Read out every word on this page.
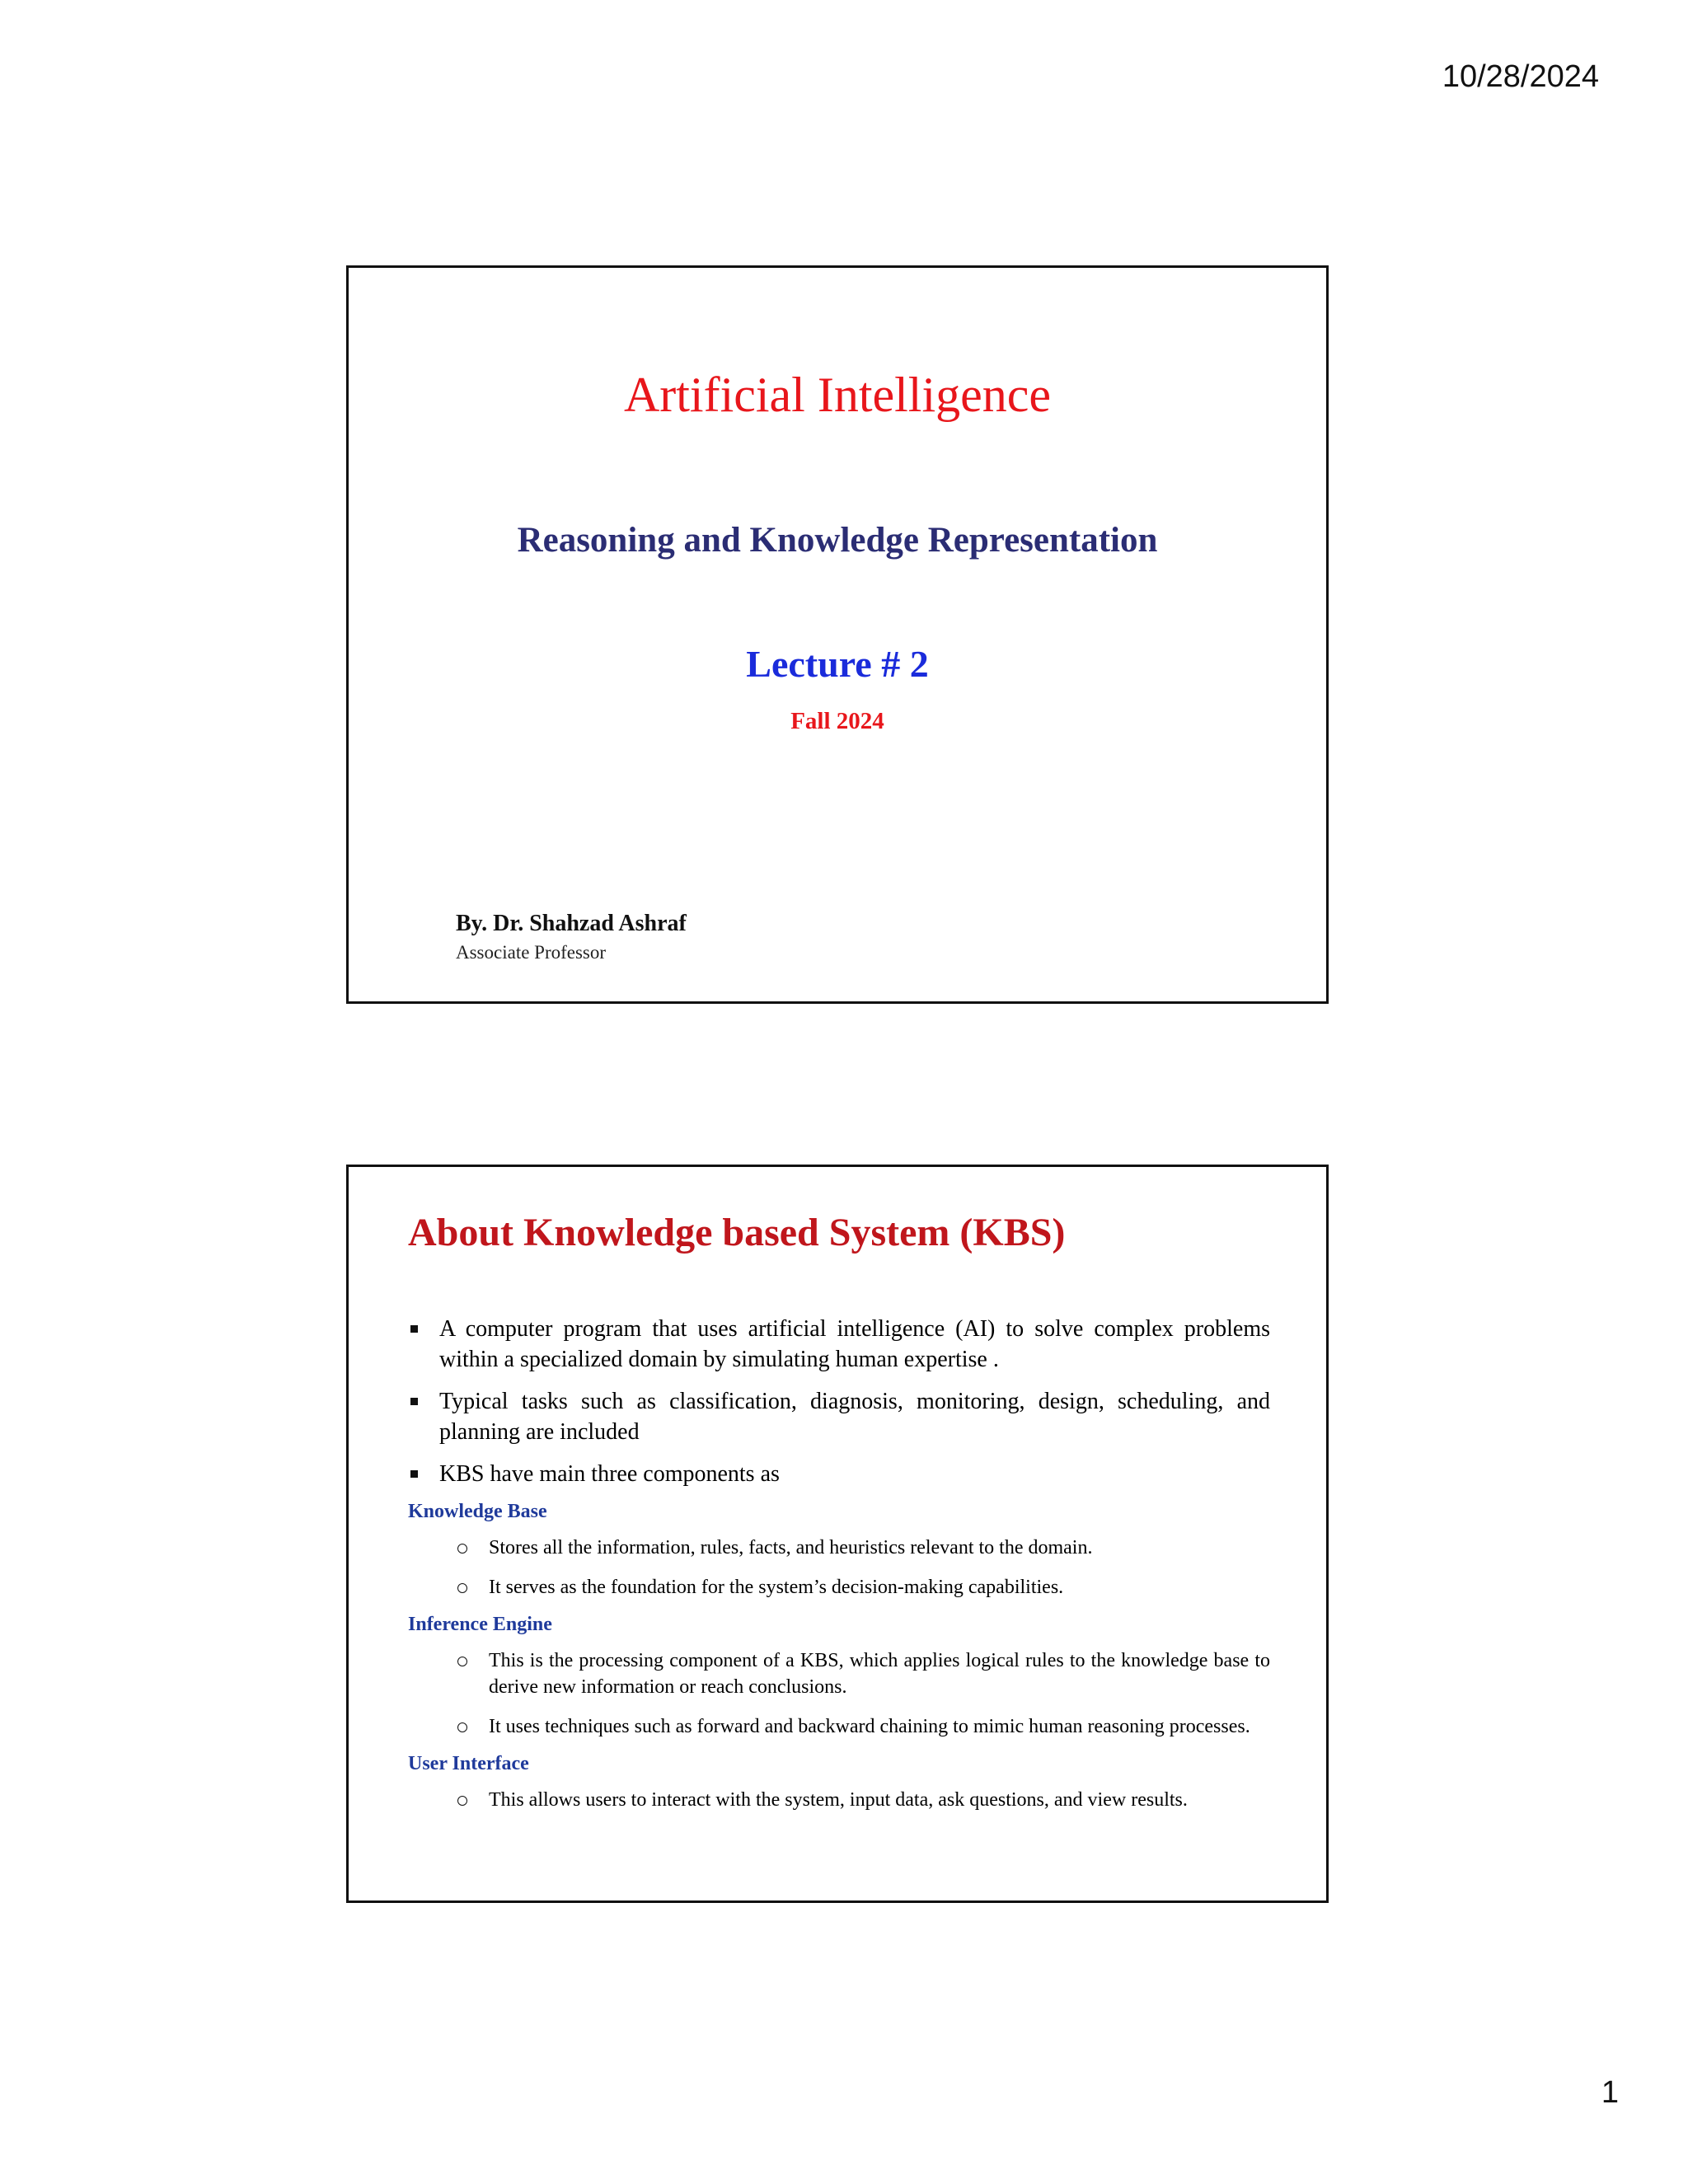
10/28/2024
Artificial Intelligence
Reasoning and Knowledge Representation
Lecture # 2
Fall 2024
By. Dr. Shahzad Ashraf
Associate Professor
About Knowledge based System (KBS)
A computer program that uses artificial intelligence (AI) to solve complex problems within a specialized domain by simulating human expertise .
Typical tasks such as classification, diagnosis, monitoring, design, scheduling, and planning are included
KBS have main three components as
Knowledge Base
Stores all the information, rules, facts, and heuristics relevant to the domain.
It serves as the foundation for the system’s decision-making capabilities.
Inference Engine
This is the processing component of a KBS, which applies logical rules to the knowledge base to derive new information or reach conclusions.
It uses techniques such as forward and backward chaining to mimic human reasoning processes.
User Interface
This allows users to interact with the system, input data, ask questions, and view results.
1
